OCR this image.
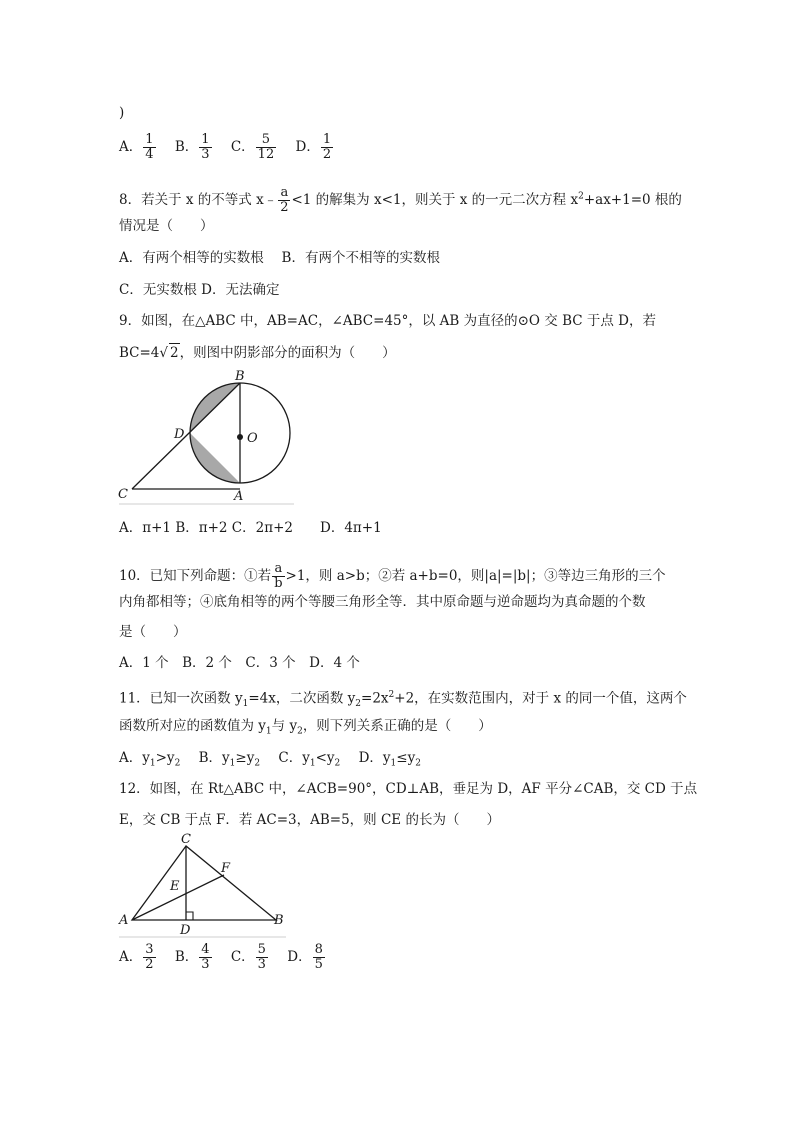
)
A． $\frac{1}{4}$ B． $\frac{1}{3}$ C． $\frac{5}{12}$ D． $\frac{1}{2}$
8．若关于 x 的不等式 x﹣ $\frac{a}{2} <1$ 的解集为 x<1，则关于 x 的一元二次方程 $x^2+ax+1=0$ 根的
情况是（　　）
A．有两个相等的实数根　 B．有两个不相等的实数根
C．无实数根 D．无法确定
9．如图，在△ABC 中，AB=AC，∠ABC=45°，以 AB 为直径的⊙O 交 BC 于点 D，若
BC=4√ 2，则图中阴影部分的面积为（　　）
B
D	O
C	A
A．π+1 B．π+2 C．2π+2　　D．4π+1
10．已知下列命题：①若 $\frac{a}{b} >1$，则 a>b；②若 a+b=0，则|a|=|b|；③等边三角形的三个
内角都相等；④底角相等的两个等腰三角形全等．其中原命题与逆命题均为真命题的个数
是（　　）
A．1 个　B．2 个　C．3 个　D．4 个
11．已知一次函数 $y_1=4x$，二次函数 $y_2=2x^2+2$，在实数范围内，对于 x 的同一个值，这两个
函数所对应的函数值为 $y_1$与 $y_2$，则下列关系正确的是（　　）
A．$y_1>y_2$ B．$y_1\ge y_2$ C．$y_1<y_2$ D．$y_1\le y_2$
12．如图，在 Rt△ABC 中，∠ACB=90°，CD⊥AB，垂足为 D，AF 平分∠CAB，交 CD 于点
E，交 CB 于点 F．若 AC=3，AB=5，则 CE 的长为（　　）
C
F
E
A
D
B
A． $\frac{3}{2}$ B． $\frac{4}{3}$ C． $\frac{5}{3}$ D． $\frac{8}{5}$
